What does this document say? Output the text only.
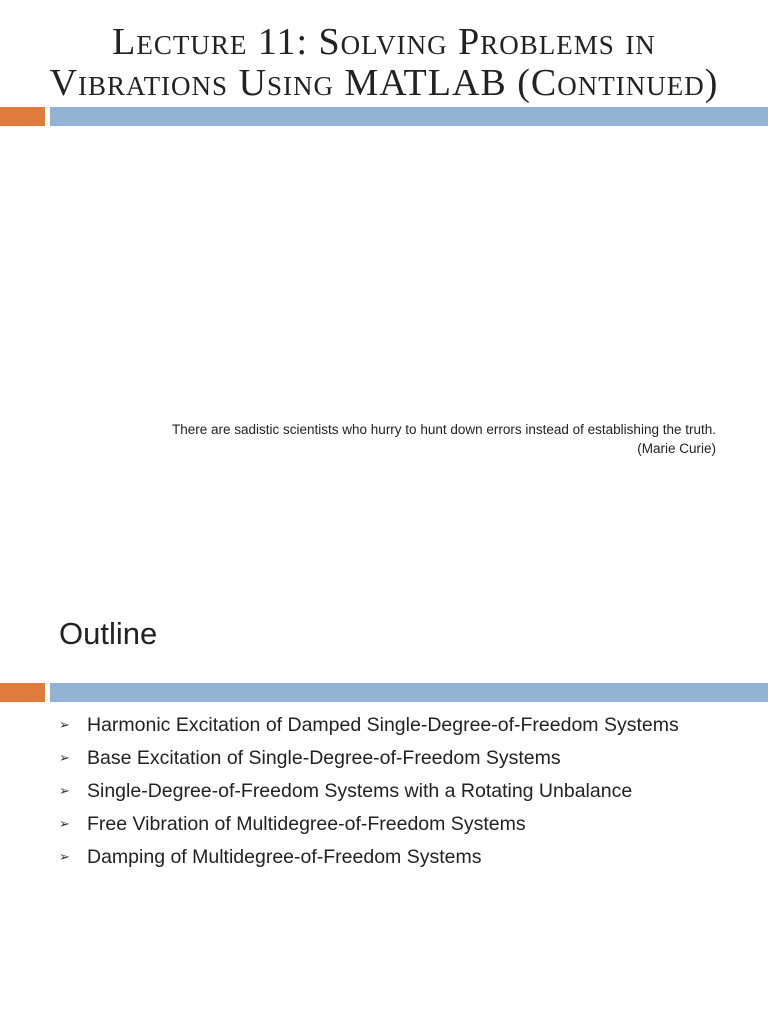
Lecture 11: Solving Problems in
Vibrations Using MATLAB (Continued)
There are sadistic scientists who hurry to hunt down errors instead of establishing the truth.
(Marie Curie)
Outline
➢ Harmonic Excitation of Damped Single-Degree-of-Freedom Systems
➢ Base Excitation of Single-Degree-of-Freedom Systems
➢ Single-Degree-of-Freedom Systems with a Rotating Unbalance
➢ Free Vibration of Multidegree-of-Freedom Systems
➢ Damping of Multidegree-of-Freedom Systems
